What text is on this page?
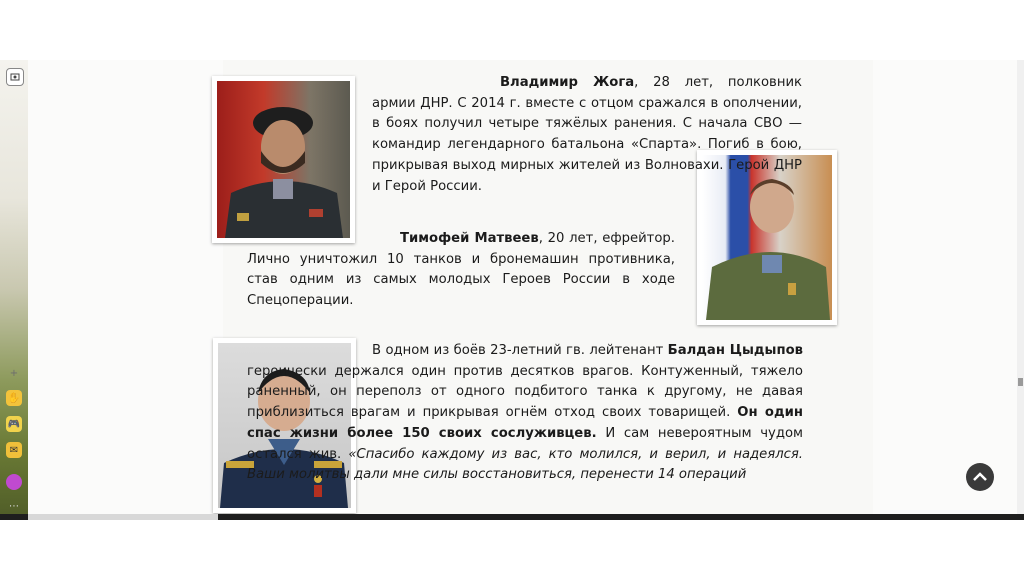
+
✋
🎮
✉
⋯
Владимир Жога, 28 лет, полковник армии ДНР. С 2014 г. вместе с отцом сражался в ополчении, в боях получил четыре тяжёлых ранения. С начала СВО — командир легендарного батальона «Спарта». Погиб в бою, прикрывая выход мирных жителей из Волновахи. Герой ДНР и Герой России.
Тимофей Матвеев, 20 лет, ефрейтор. Лично уничтожил 10 танков и бронемашин противника, став одним из самых молодых Героев России в ходе Спецоперации.
В одном из боёв 23-летний гв. лейтенант Балдан Цыдыпов героически держался один против десятков врагов. Контуженный, тяжело раненный, он переполз от одного подбитого танка к другому, не давая приблизиться врагам и прикрывая огнём отход своих товарищей. Он один спас жизни более 150 своих сослуживцев. И сам невероятным чудом остался жив. «Спасибо каждому из вас, кто молился, и верил, и надеялся. Ваши молитвы дали мне силы восстановиться, перенести 14 операций
